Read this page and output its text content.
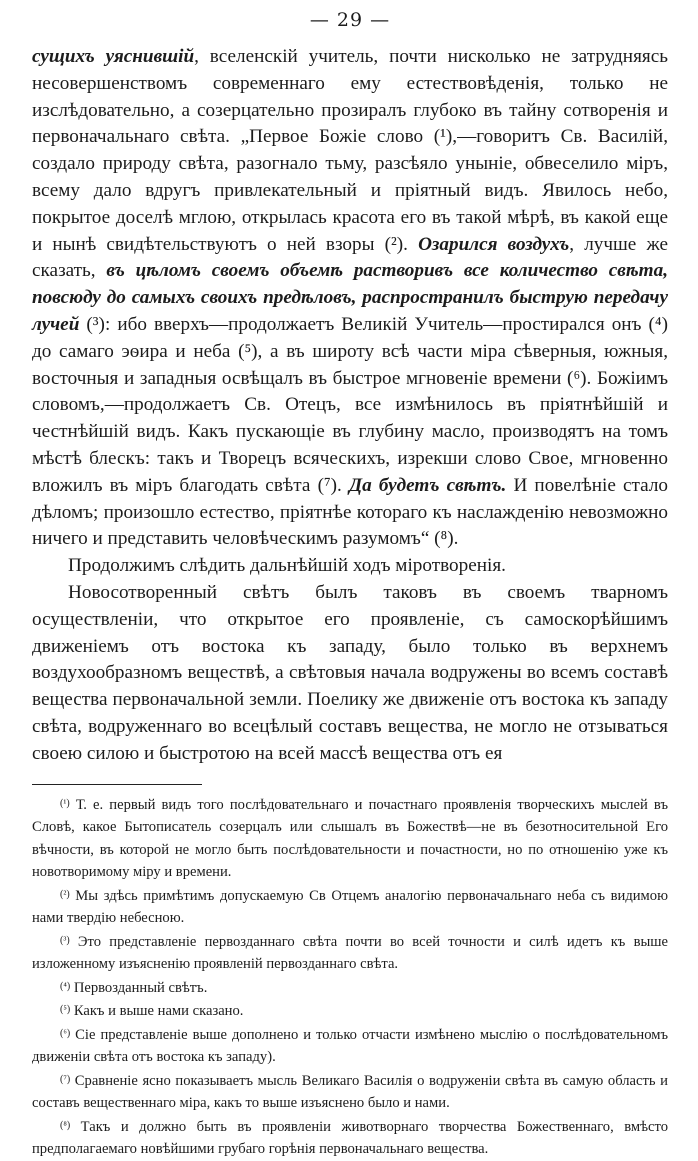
— 29 —

сущихъ уяснившій, вселенскій учитель, почти нисколько не затрудняясь несовершенствомъ современнаго ему естествовѣденія, только не изслѣдовательно, а созерцательно прозиралъ глубоко въ тайну сотворенія и первоначальнаго свѣта. „Первое Божіе слово (¹),—говоритъ Св. Василій, создало природу свѣта, разогнало тьму, разсѣяло уныніе, обвеселило міръ, всему дало вдругъ привлекательный и пріятный видъ. Явилось небо, покрытое доселѣ мглою, открылась красота его въ такой мѣрѣ, въ какой еще и нынѣ свидѣтельствуютъ о ней взоры (²). Озарился воздухъ, лучше же сказать, въ цѣломъ своемъ объемѣ растворивъ все количество свѣта, повсюду до самыхъ своихъ предѣловъ, распространилъ быструю передачу лучей (³): ибо вверхъ—продолжаетъ Великій Учитель—простирался онъ (⁴) до самаго эѳира и неба (⁵), а въ широту всѣ части міра сѣверныя, южныя, восточныя и западныя освѣщалъ въ быстрое мгновеніе времени (⁶). Божіимъ словомъ,—продолжаетъ Св. Отецъ, все измѣнилось въ пріятнѣйшій и честнѣйшій видъ. Какъ пускающіе въ глубину масло, производятъ на томъ мѣстѣ блескъ: такъ и Творецъ всяческихъ, изрекши слово Свое, мгновенно вложилъ въ міръ благодать свѣта (⁷). Да будетъ свѣтъ. И повелѣніе стало дѣломъ; произошло естество, пріятнѣе котораго къ наслажденію невозможно ничего и представить человѣческимъ разумомъ“ (⁸).

Продолжимъ слѣдить дальнѣйшій ходъ міротворенія.

Новосотворенный свѣтъ былъ таковъ въ своемъ тварномъ осуществленіи, что открытое его проявленіе, съ самоскорѣйшимъ движеніемъ отъ востока къ западу, было только въ верхнемъ воздухообразномъ веществѣ, а свѣтовыя начала водружены во всемъ составѣ вещества первоначальной земли. Поелику же движеніе отъ востока къ западу свѣта, водруженнаго во всецѣлый составъ вещества, не могло не отзываться своею силою и быстротою на всей массѣ вещества отъ ея

$^{(^1)}$ Т. е. первый видъ того послѣдовательнаго и почастнаго проявленія творческихъ мыслей въ Словѣ, какое Бытописатель созерцалъ или слышалъ въ Божествѣ—не въ безотносительной Его вѣчности, въ которой не могло быть послѣдовательности и почастности, но по отношенію уже къ новотворимому міру и времени.

$^{(^2)}$ Мы здѣсь примѣтимъ допускаемую Св Отцемъ аналогію первоначальнаго неба съ видимою нами твердію небесною.

$^{(^3)}$ Это представленіе первозданнаго свѣта почти во всей точности и силѣ идетъ къ выше изложенному изъясненію проявленій первозданнаго свѣта.

$^{(^4)}$ Первозданный свѣтъ.

$^{(^5)}$ Какъ и выше нами сказано.

$^{(^6)}$ Сіе представленіе выше дополнено и только отчасти измѣнено мыслію о послѣдовательномъ движеніи свѣта отъ востока къ западу).

$^{(^7)}$ Сравненіе ясно показываетъ мысль Великаго Василія о водруженіи свѣта въ самую область и составъ вещественнаго міра, какъ то выше изъяснено было и нами.

$^{(^8)}$ Такъ и должно быть въ проявленіи животворнаго творчества Божественнаго, вмѣсто предполагаемаго новѣйшими грубаго горѣнія первоначальнаго вещества.
